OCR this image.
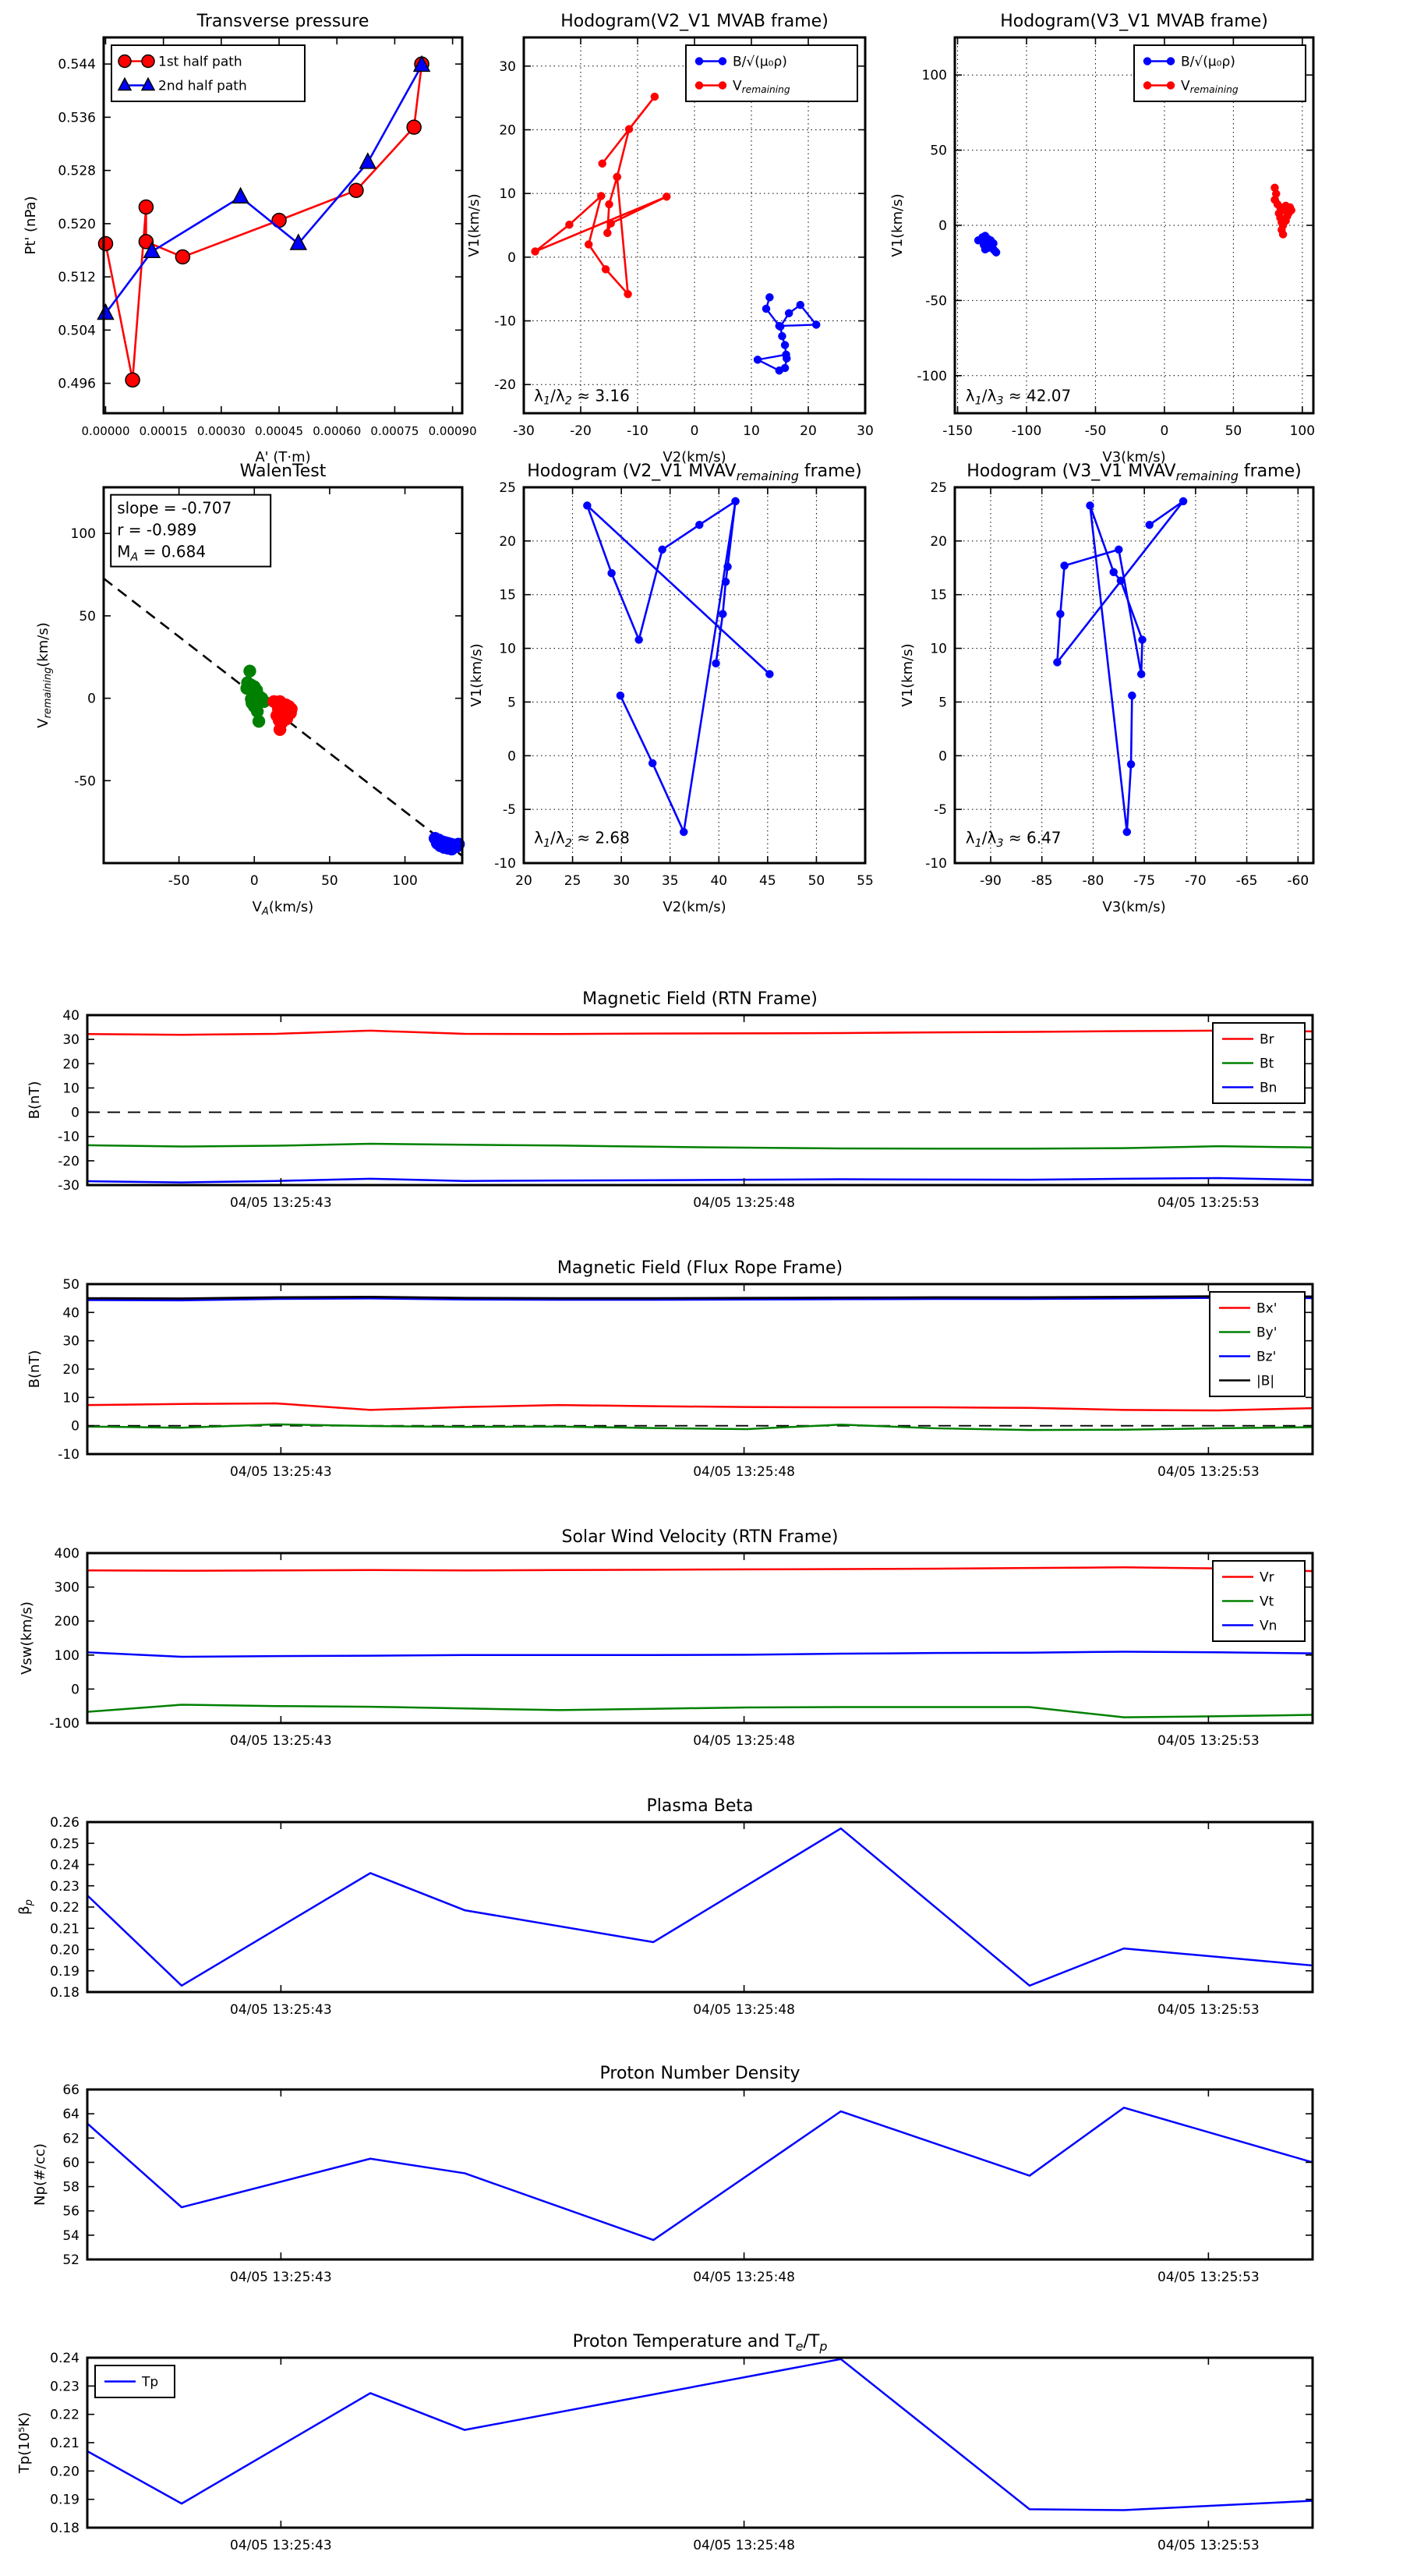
0.00000 0.00015 0.00030 0.00045 0.00060 0.00075 0.00090
0.496
0.504
0.512
0.520
0.528
0.536
0.544
Transverse pressure
A' (T·m)
Pt' (nPa)
1st half path
2nd half path
-30	-20	-10	0	10	20	30
-20
-10
0
10
20
30
Hodogram(V2_V1 MVAB frame)
V2(km/s)
V1(km/s)
B/√(μ₀ρ)
$V_{remaining}$
$\lambda_1/\lambda_2 \approx 3.16$
-150	-100	-50	0	50	100
-100
-50
0
50
100
Hodogram(V3_V1 MVAB frame)
V3(km/s)
V1(km/s)
B/√(μ₀ρ)
$V_{remaining}$
$\lambda_1/\lambda_3 \approx 42.07$
-50	0	50	100
-50
0
50
100
WalenTest
$V_A(km/s)$
$V_{remaining}(km/s)$
slope = -0.707
r = -0.989
$M_A = 0.684$
20 25 30 35 40 45 50 55
-10
-5
0
5
10
15
20
25
Hodogram (V2_V1 $MVAV_{remaining}$ frame)
V2(km/s)
V1(km/s)
$\lambda_1/\lambda_2 \approx 2.68$
-90 -85 -80 -75 -70 -65 -60
-10
-5
0
5
10
15
20
25
Hodogram (V3_V1 $MVAV_{remaining}$ frame)
V3(km/s)
V1(km/s)
$\lambda_1/\lambda_3 \approx 6.47$
04/05 13:25:43	04/05 13:25:48	04/05 13:25:53
-30
-20
-10
0
10
20
30
40
Magnetic Field (RTN Frame)
B(nT)
Br
Bt
Bn
04/05 13:25:43	04/05 13:25:48	04/05 13:25:53
-10
0
10
20
30
40
50
Magnetic Field (Flux Rope Frame)
B(nT)
Bx'
By'
Bz'
|B|
04/05 13:25:43	04/05 13:25:48	04/05 13:25:53
-100
0
100
200
300
400
Solar Wind Velocity (RTN Frame)
Vsw(km/s)
Vr
Vt
Vn
04/05 13:25:43	04/05 13:25:48	04/05 13:25:53
0.18
0.19
0.20
0.21
0.22
0.23
0.24
0.25
0.26
Plasma Beta
$\beta_p$
04/05 13:25:43	04/05 13:25:48	04/05 13:25:53
52
54
56
58
60
62
64
66
Proton Number Density
Np(#/cc)
04/05 13:25:43	04/05 13:25:48	04/05 13:25:53
0.18
0.19
0.20
0.21
0.22
0.23
0.24
Proton Temperature and $T_e/T_p$
Tp(10⁵K)
Tp
